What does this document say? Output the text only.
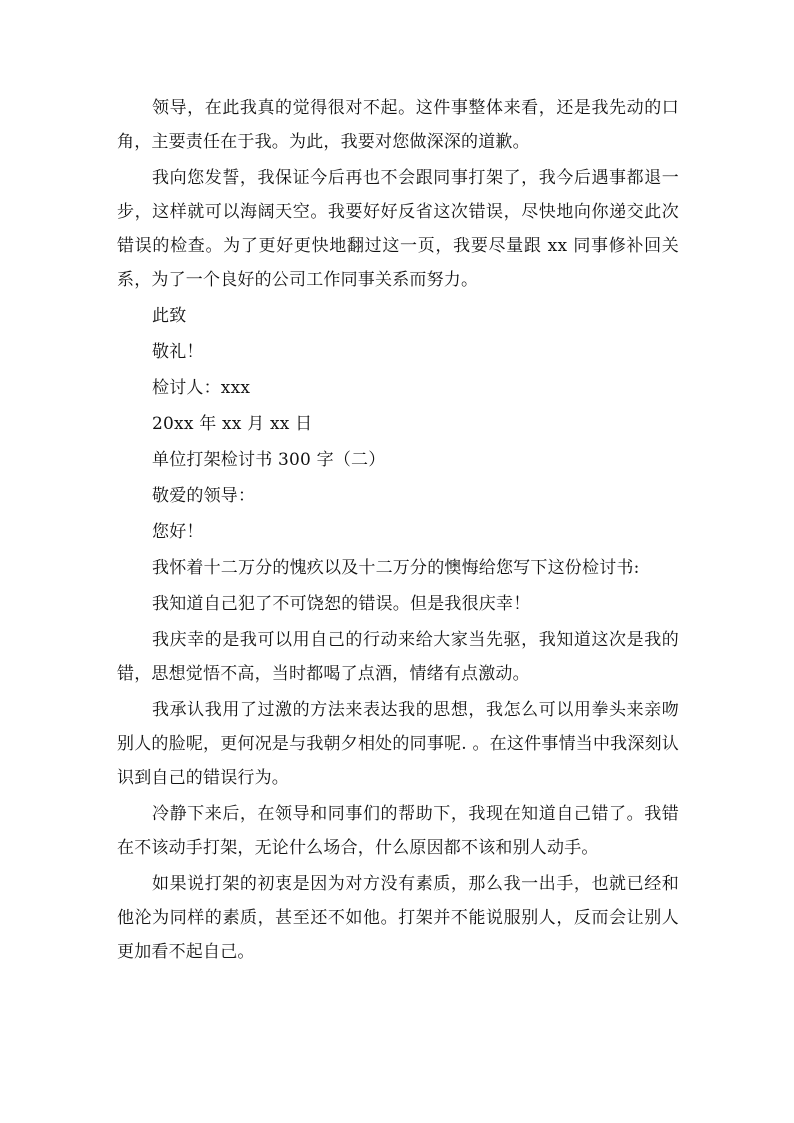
领导，在此我真的觉得很对不起。这件事整体来看，还是我先动的口角，主要责任在于我。为此，我要对您做深深的道歉。

我向您发誓，我保证今后再也不会跟同事打架了，我今后遇事都退一步，这样就可以海阔天空。我要好好反省这次错误，尽快地向你递交此次错误的检查。为了更好更快地翻过这一页，我要尽量跟 xx 同事修补回关系，为了一个良好的公司工作同事关系而努力。

此致

敬礼！

检讨人：xxx

20xx 年 xx 月 xx 日

单位打架检讨书 300 字（二）

敬爱的领导：

您好！

我怀着十二万分的愧疚以及十二万分的懊悔给您写下这份检讨书:

我知道自己犯了不可饶恕的错误。但是我很庆幸！

我庆幸的是我可以用自己的行动来给大家当先驱，我知道这次是我的错，思想觉悟不高，当时都喝了点酒，情绪有点激动。

我承认我用了过激的方法来表达我的思想，我怎么可以用拳头来亲吻别人的脸呢，更何况是与我朝夕相处的同事呢. 。在这件事情当中我深刻认识到自己的错误行为。

冷静下来后，在领导和同事们的帮助下，我现在知道自己错了。我错在不该动手打架，无论什么场合，什么原因都不该和别人动手。

如果说打架的初衷是因为对方没有素质，那么我一出手，也就已经和他沦为同样的素质，甚至还不如他。打架并不能说服别人，反而会让别人更加看不起自己。
